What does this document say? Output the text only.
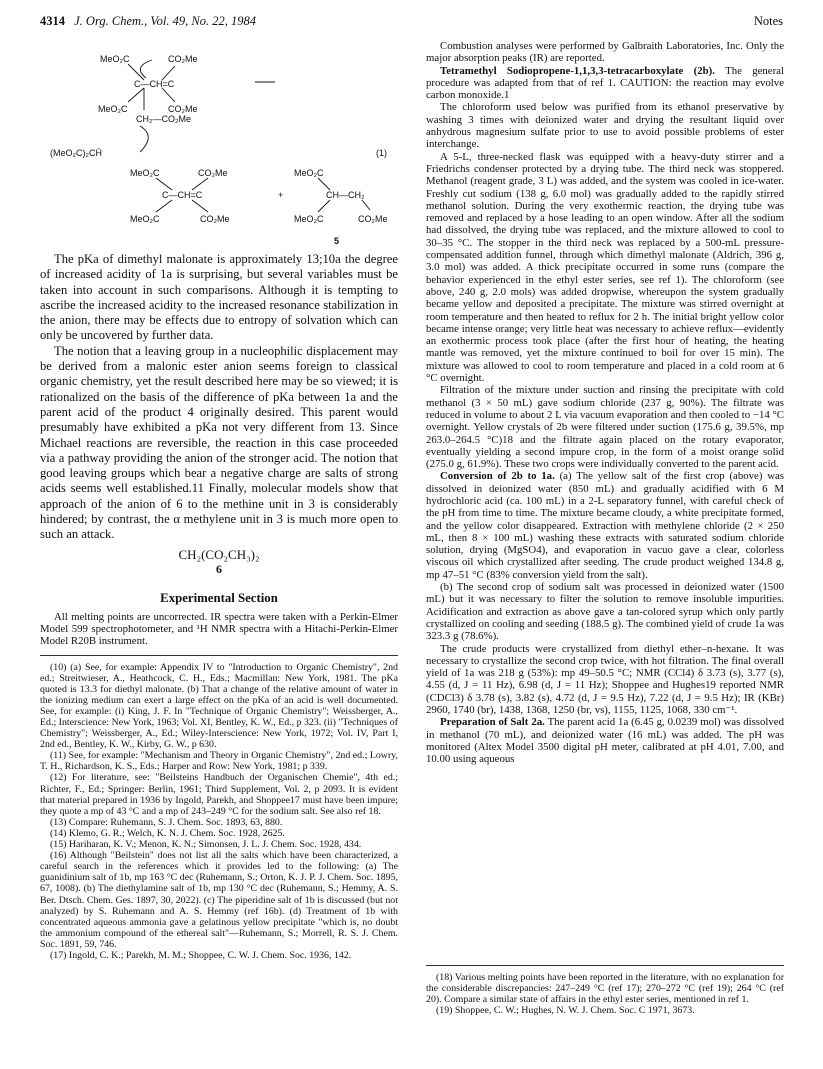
4314 J. Org. Chem., Vol. 49, No. 22, 1984	Notes
MeO₂C	CO₂Me
C—CH=C
MeO₂C	CO₂Me
CH₂—CO₂Me
(MeO₂C)₂CH̄	(1)
MeO₂C	CO₂Me
C—CH=C
MeO₂C	CO₂Me
+
MeO₂C
CH—CH₂
MeO₂C	CO₂Me
5

The pKa of dimethyl malonate is approximately 13;10a the degree of increased acidity of 1a is surprising, but several variables must be taken into account in such comparisons. Although it is tempting to ascribe the increased acidity to the increased resonance stabilization in the anion, there may be effects due to entropy of solvation which can only be uncovered by further data.

The notion that a leaving group in a nucleophilic displacement may be derived from a malonic ester anion seems foreign to classical organic chemistry, yet the result described here may be so viewed; it is rationalized on the basis of the difference of pKa between 1a and the parent acid of the product 4 originally desired. This parent would presumably have exhibited a pKa not very different from 13. Since Michael reactions are reversible, the reaction in this case proceeded via a pathway providing the anion of the stronger acid. The notion that good leaving groups which bear a negative charge are salts of strong acids seems well established.11 Finally, molecular models show that approach of the anion of 6 to the methine unit in 3 is considerably hindered; by contrast, the α methylene unit in 3 is much more open to such an attack.

CH₂(CO₂CH₃)₂
6
Experimental Section

All melting points are uncorrected. IR spectra were taken with a Perkin-Elmer Model 599 spectrophotometer, and ¹H NMR spectra with a Hitachi-Perkin-Elmer Model R20B instrument.

(10) (a) See, for example: Appendix IV to "Introduction to Organic Chemistry", 2nd ed.; Streitwieser, A., Heathcock, C. H., Eds.; Macmillan: New York, 1981. The pKa quoted is 13.3 for diethyl malonate. (b) That a change of the relative amount of water in the ionizing medium can exert a large effect on the pKa of an acid is well documented. See, for example: (i) King, J. F. In "Technique of Organic Chemistry"; Weissberger, A., Ed.; Interscience: New York, 1963; Vol. XI, Bentley, K. W., Ed., p 323. (ii) "Techniques of Chemistry"; Weissberger, A., Ed.; Wiley-Interscience: New York, 1972; Vol. IV, Part I, 2nd ed., Bentley, K. W., Kirby, G. W., p 630.

(11) See, for example: "Mechanism and Theory in Organic Chemistry", 2nd ed.; Lowry, T. H., Richardson, K. S., Eds.; Harper and Row: New York, 1981; p 339.

(12) For literature, see: "Beilsteins Handbuch der Organischen Chemie", 4th ed.; Richter, F., Ed.; Springer: Berlin, 1961; Third Supplement, Vol. 2, p 2093. It is evident that material prepared in 1936 by Ingold, Parekh, and Shoppee17 must have been impure; they quote a mp of 43 °C and a mp of 243–249 °C for the sodium salt. See also ref 18.

(13) Compare: Ruhemann, S. J. Chem. Soc. 1893, 63, 880.

(14) Klemo, G. R.; Welch, K. N. J. Chem. Soc. 1928, 2625.

(15) Hariharan, K. V.; Menon, K. N.; Simonsen, J. L. J. Chem. Soc. 1928, 434.

(16) Although "Beilstein" does not list all the salts which have been characterized, a careful search in the references which it provides led to the following: (a) The guanidinium salt of 1b, mp 163 °C dec (Ruhemann, S.; Orton, K. J. P. J. Chem. Soc. 1895, 67, 1008). (b) The diethylamine salt of 1b, mp 130 °C dec (Ruhemann, S.; Hemmy, A. S. Ber. Dtsch. Chem. Ges. 1897, 30, 2022). (c) The piperidine salt of 1b is discussed (but not analyzed) by S. Ruhemann and A. S. Hemmy (ref 16b). (d) Treatment of 1b with concentrated aqueous ammonia gave a gelatinous yellow precipitate "which is, no doubt the ammonium compound of the ethereal salt"—Ruhemann, S.; Morrell, R. S. J. Chem. Soc. 1891, 59, 746.

(17) Ingold, C. K.; Parekh, M. M.; Shoppee, C. W. J. Chem. Soc. 1936, 142.

Combustion analyses were performed by Galbraith Laboratories, Inc. Only the major absorption peaks (IR) are reported.

Tetramethyl Sodiopropene-1,1,3,3-tetracarboxylate (2b). The general procedure was adapted from that of ref 1. CAUTION: the reaction may evolve carbon monoxide.1

The chloroform used below was purified from its ethanol preservative by washing 3 times with deionized water and drying the resultant liquid over anhydrous magnesium sulfate prior to use to avoid possible problems of ester interchange.

A 5-L, three-necked flask was equipped with a heavy-duty stirrer and a Friedrichs condenser protected by a drying tube. The third neck was stoppered. Methanol (reagent grade, 3 L) was added, and the system was cooled in ice-water. Freshly cut sodium (138 g, 6.0 mol) was gradually added to the rapidly stirred methanol solution. During the very exothermic reaction, the drying tube was removed and replaced by a hose leading to an open window. After all the sodium had dissolved, the drying tube was replaced, and the mixture allowed to cool to 30–35 °C. The stopper in the third neck was replaced by a 500-mL pressure-compensated addition funnel, through which dimethyl malonate (Aldrich, 396 g, 3.0 mol) was added. A thick precipitate occurred in some runs (compare the behavior experienced in the ethyl ester series, see ref 1). The chloroform (see above, 240 g, 2.0 mols) was added dropwise, whereupon the system gradually became yellow and deposited a precipitate. The mixture was stirred overnight at room temperature and then heated to reflux for 2 h. The initial bright yellow color became intense orange; very little heat was necessary to achieve reflux—evidently an exothermic process took place (after the first hour of heating, the heating mantle was removed, yet the mixture continued to boil for over 15 min). The mixture was allowed to cool to room temperature and placed in a cold room at 6 °C overnight.

Filtration of the mixture under suction and rinsing the precipitate with cold methanol (3 × 50 mL) gave sodium chloride (237 g, 90%). The filtrate was reduced in volume to about 2 L via vacuum evaporation and then cooled to −14 °C overnight. Yellow crystals of 2b were filtered under suction (175.6 g, 39.5%, mp 263.0–264.5 °C)18 and the filtrate again placed on the rotary evaporator, eventually yielding a second impure crop, in the form of a moist orange solid (275.0 g, 61.9%). These two crops were individually converted to the parent acid.

Conversion of 2b to 1a. (a) The yellow salt of the first crop (above) was dissolved in deionized water (850 mL) and gradually acidified with 6 M hydrochloric acid (ca. 100 mL) in a 2-L separatory funnel, with careful check of the pH from time to time. The mixture became cloudy, a white precipitate formed, and the yellow color disappeared. Extraction with methylene chloride (2 × 250 mL, then 8 × 100 mL) washing these extracts with saturated sodium chloride solution, drying (MgSO4), and evaporation in vacuo gave a clear, colorless viscous oil which crystallized after seeding. The crude product weighed 134.8 g, mp 47–51 °C (83% conversion yield from the salt).

(b) The second crop of sodium salt was processed in deionized water (1500 mL) but it was necessary to filter the solution to remove insoluble impurities. Acidification and extraction as above gave a tan-colored syrup which only partly crystallized on cooling and seeding (188.5 g). The combined yield of crude 1a was 323.3 g (78.6%).

The crude products were crystallized from diethyl ether–n-hexane. It was necessary to crystallize the second crop twice, with hot filtration. The final overall yield of 1a was 218 g (53%): mp 49–50.5 °C; NMR (CCl4) δ 3.73 (s), 3.77 (s), 4.55 (d, J = 11 Hz), 6.98 (d, J = 11 Hz); Shoppee and Hughes19 reported NMR (CDCl3) δ 3.78 (s), 3.82 (s), 4.72 (d, J = 9.5 Hz), 7.22 (d, J = 9.5 Hz); IR (KBr) 2960, 1740 (br), 1438, 1368, 1250 (br, vs), 1155, 1125, 1068, 330 cm⁻¹.

Preparation of Salt 2a. The parent acid 1a (6.45 g, 0.0239 mol) was dissolved in methanol (70 mL), and deionized water (16 mL) was added. The pH was monitored (Altex Model 3500 digital pH meter, calibrated at pH 4.01, 7.00, and 10.00 using aqueous

(18) Various melting points have been reported in the literature, with no explanation for the considerable discrepancies: 247–249 °C (ref 17); 270–272 °C (ref 19); 264 °C (ref 20). Compare a similar state of affairs in the ethyl ester series, mentioned in ref 1.

(19) Shoppee, C. W.; Hughes, N. W. J. Chem. Soc. C 1971, 3673.
